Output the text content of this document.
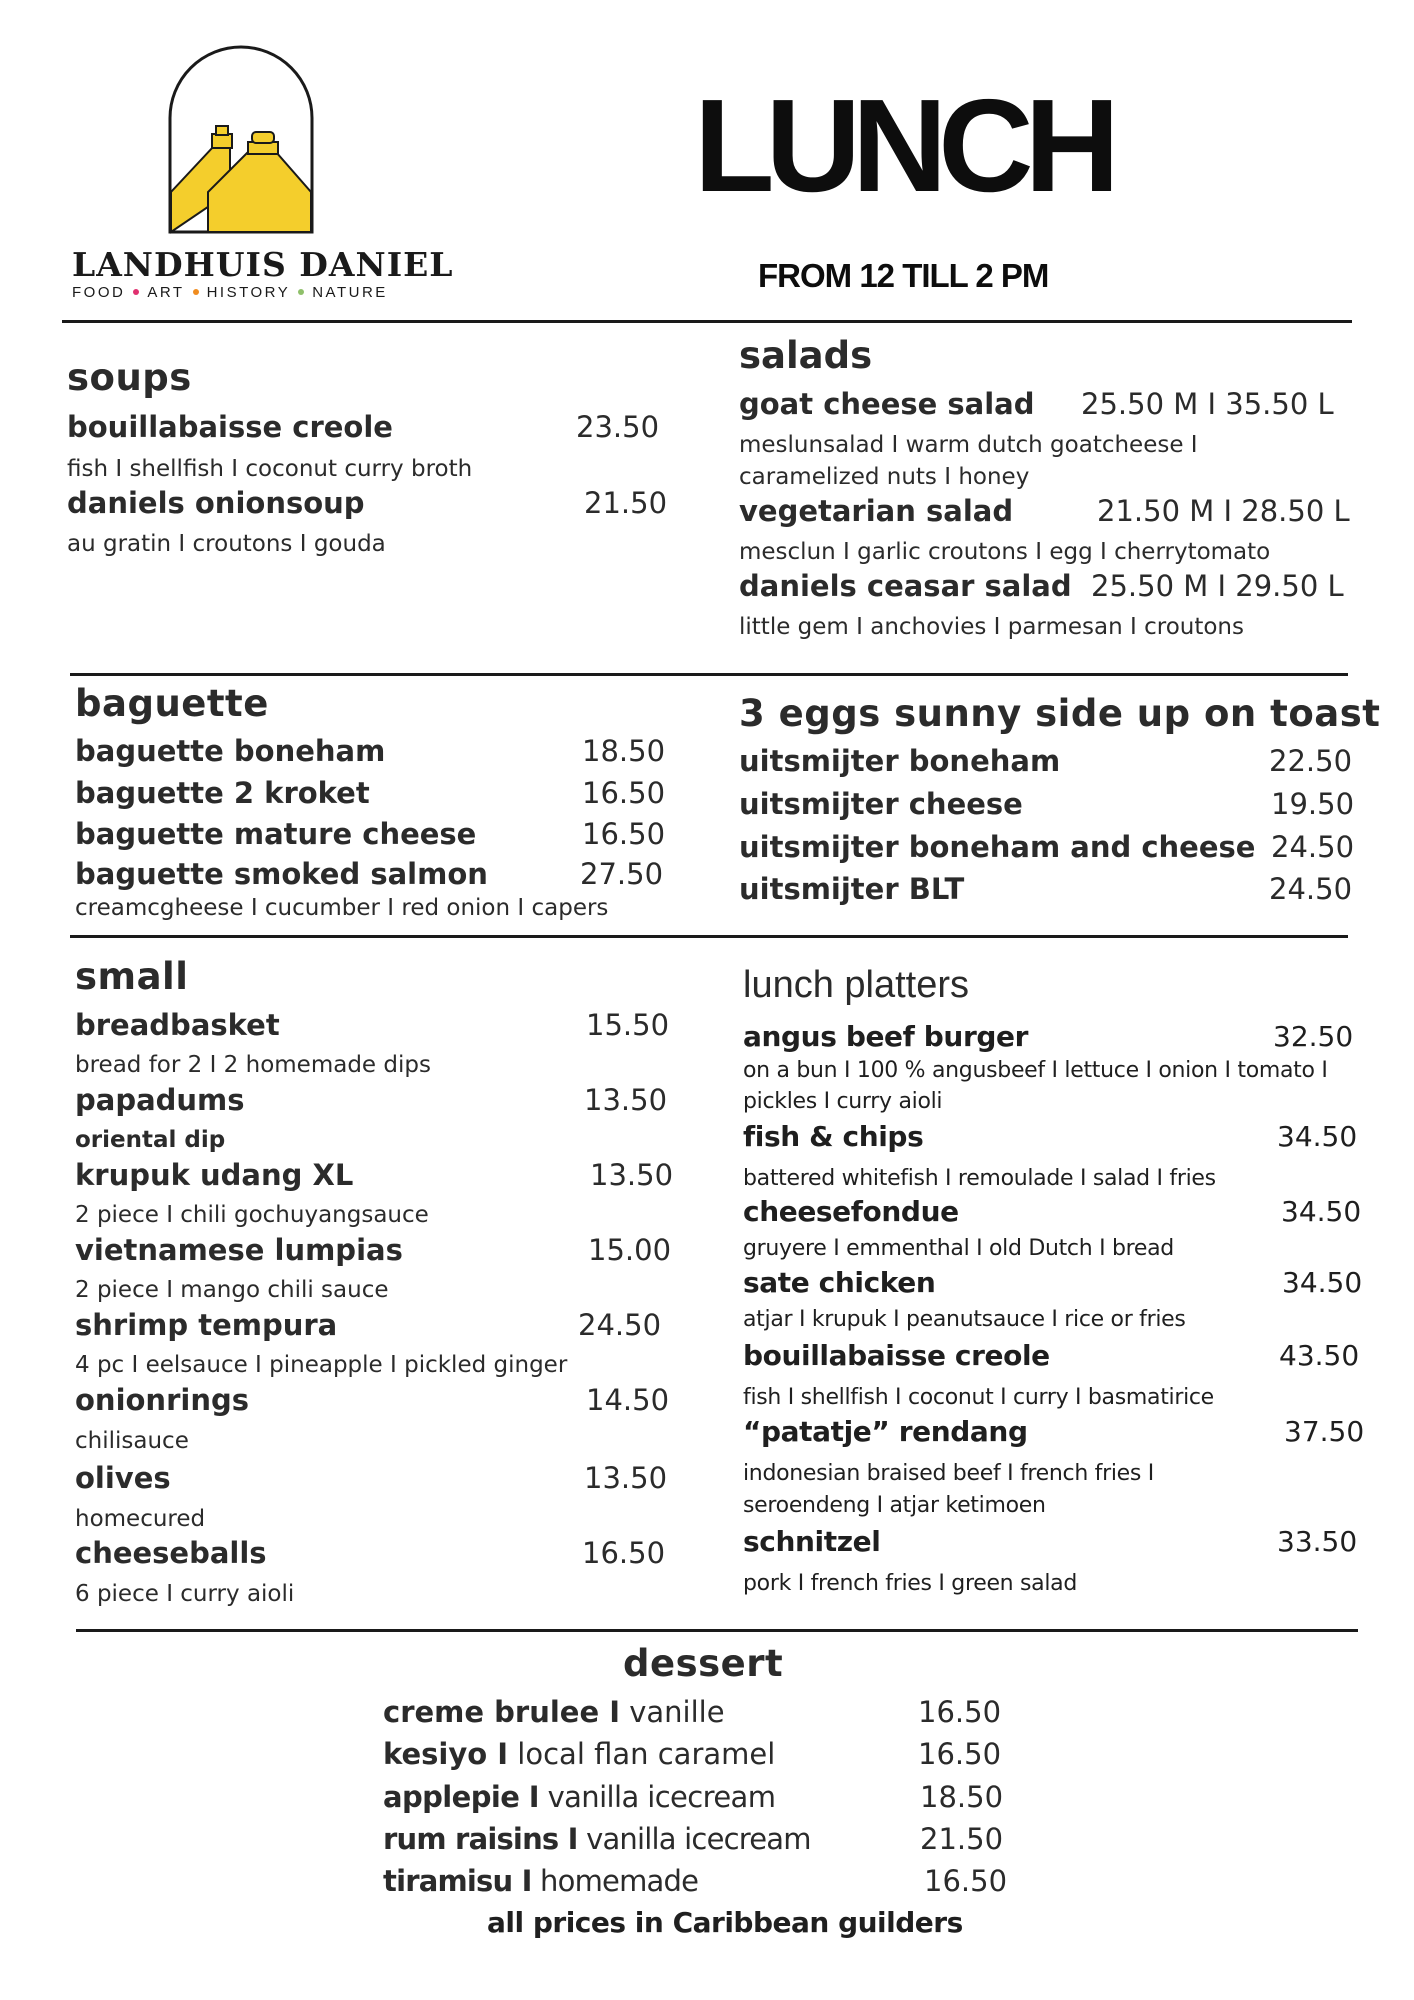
LANDHUIS DANIEL
FOOD ART HISTORY NATURE
LUNCH
FROM 12 TILL 2 PM
soups
bouillabaisse creole	23.50
fish I shellfish I coconut curry broth
daniels onionsoup	21.50
au gratin I croutons I gouda
salads
goat cheese salad 25.50 M I 35.50 L
meslunsalad I warm dutch goatcheese I
caramelized nuts I honey
vegetarian salad	21.50 M I 28.50 L
mesclun I garlic croutons I egg I cherrytomato
daniels ceasar salad 25.50 M I 29.50 L
little gem I anchovies I parmesan I croutons
baguette
baguette boneham	18.50
baguette 2 kroket	16.50
baguette mature cheese	16.50
baguette smoked salmon	27.50
creamcgheese I cucumber I red onion I capers
3 eggs sunny side up on toast
uitsmijter boneham	22.50
uitsmijter cheese	19.50
uitsmijter boneham and cheese 24.50
uitsmijter BLT	24.50
small
breadbasket	15.50
bread for 2 I 2 homemade dips
papadums	13.50
oriental dip
krupuk udang XL	13.50
2 piece I chili gochuyangsauce
vietnamese lumpias	15.00
2 piece I mango chili sauce
shrimp tempura	24.50
4 pc I eelsauce I pineapple I pickled ginger
onionrings	14.50
chilisauce
olives	13.50
homecured
cheeseballs	16.50
6 piece I curry aioli
lunch platters
angus beef burger	32.50
on a bun I 100 % angusbeef I lettuce I onion I tomato I
pickles I curry aioli
fish & chips	34.50
battered whitefish I remoulade I salad I fries
cheesefondue	34.50
gruyere I emmenthal I old Dutch I bread
sate chicken	34.50
atjar I krupuk I peanutsauce I rice or fries
bouillabaisse creole	43.50
fish I shellfish I coconut I curry I basmatirice
“patatje” rendang	37.50
indonesian braised beef I french fries I
seroendeng I atjar ketimoen
schnitzel	33.50
pork I french fries I green salad
dessert
creme brulee I vanille	16.50
kesiyo I local flan caramel	16.50
applepie I vanilla icecream	18.50
rum raisins I vanilla icecream	21.50
tiramisu I homemade	16.50
all prices in Caribbean guilders
